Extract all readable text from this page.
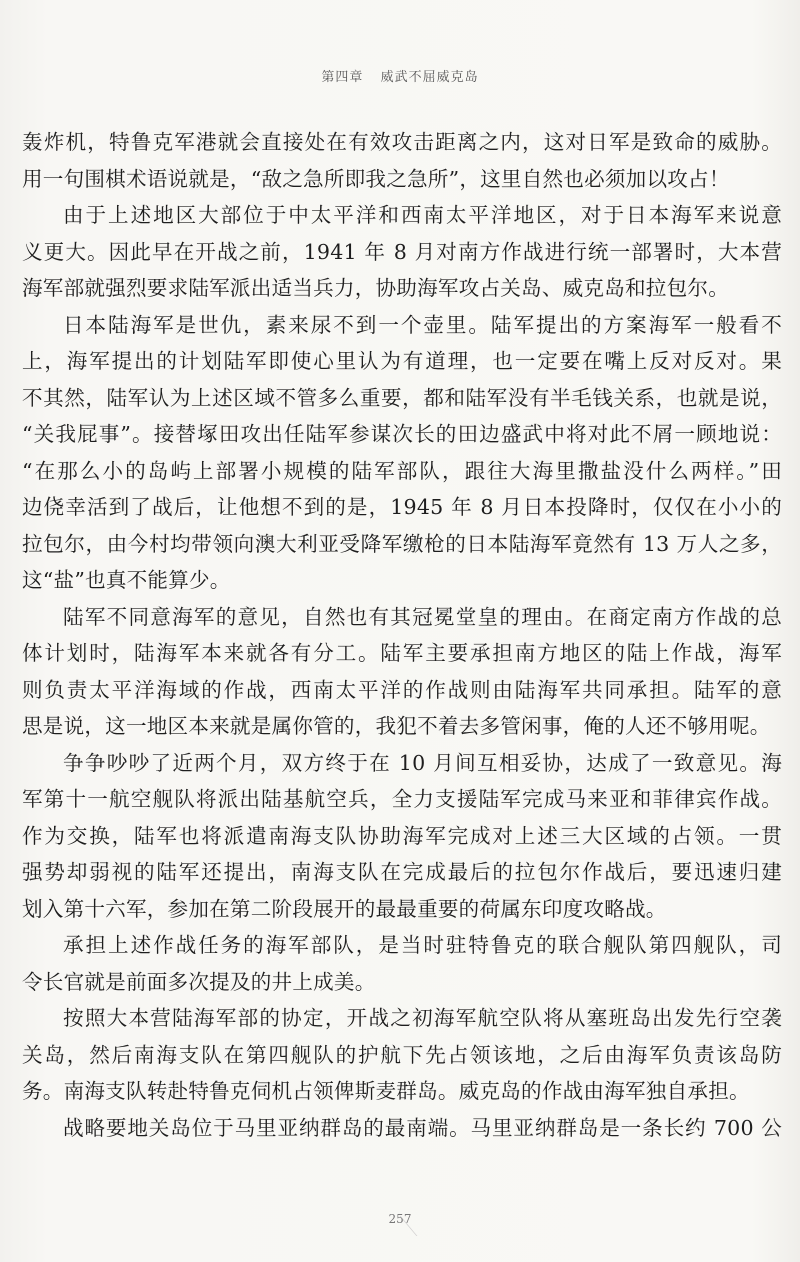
第四章 威武不屈威克岛
轰炸机，特鲁克军港就会直接处在有效攻击距离之内，这对日军是致命的威胁。
用一句围棋术语说就是，“敌之急所即我之急所”，这里自然也必须加以攻占！
由于上述地区大部位于中太平洋和西南太平洋地区，对于日本海军来说意
义更大。因此早在开战之前，1941 年 8 月对南方作战进行统一部署时，大本营
海军部就强烈要求陆军派出适当兵力，协助海军攻占关岛、威克岛和拉包尔。
日本陆海军是世仇，素来尿不到一个壶里。陆军提出的方案海军一般看不
上，海军提出的计划陆军即使心里认为有道理，也一定要在嘴上反对反对。果
不其然，陆军认为上述区域不管多么重要，都和陆军没有半毛钱关系，也就是说，
“关我屁事”。接替塚田攻出任陆军参谋次长的田边盛武中将对此不屑一顾地说：
“在那么小的岛屿上部署小规模的陆军部队，跟往大海里撒盐没什么两样。”田
边侥幸活到了战后，让他想不到的是，1945 年 8 月日本投降时，仅仅在小小的
拉包尔，由今村均带领向澳大利亚受降军缴枪的日本陆海军竟然有 13 万人之多，
这“盐”也真不能算少。
陆军不同意海军的意见，自然也有其冠冕堂皇的理由。在商定南方作战的总
体计划时，陆海军本来就各有分工。陆军主要承担南方地区的陆上作战，海军
则负责太平洋海域的作战，西南太平洋的作战则由陆海军共同承担。陆军的意
思是说，这一地区本来就是属你管的，我犯不着去多管闲事，俺的人还不够用呢。
争争吵吵了近两个月，双方终于在 10 月间互相妥协，达成了一致意见。海
军第十一航空舰队将派出陆基航空兵，全力支援陆军完成马来亚和菲律宾作战。
作为交换，陆军也将派遣南海支队协助海军完成对上述三大区域的占领。一贯
强势却弱视的陆军还提出，南海支队在完成最后的拉包尔作战后，要迅速归建
划入第十六军，参加在第二阶段展开的最最重要的荷属东印度攻略战。
承担上述作战任务的海军部队，是当时驻特鲁克的联合舰队第四舰队，司
令长官就是前面多次提及的井上成美。
按照大本营陆海军部的协定，开战之初海军航空队将从塞班岛出发先行空袭
关岛，然后南海支队在第四舰队的护航下先占领该地，之后由海军负责该岛防
务。南海支队转赴特鲁克伺机占领俾斯麦群岛。威克岛的作战由海军独自承担。
战略要地关岛位于马里亚纳群岛的最南端。马里亚纳群岛是一条长约 700 公
257
